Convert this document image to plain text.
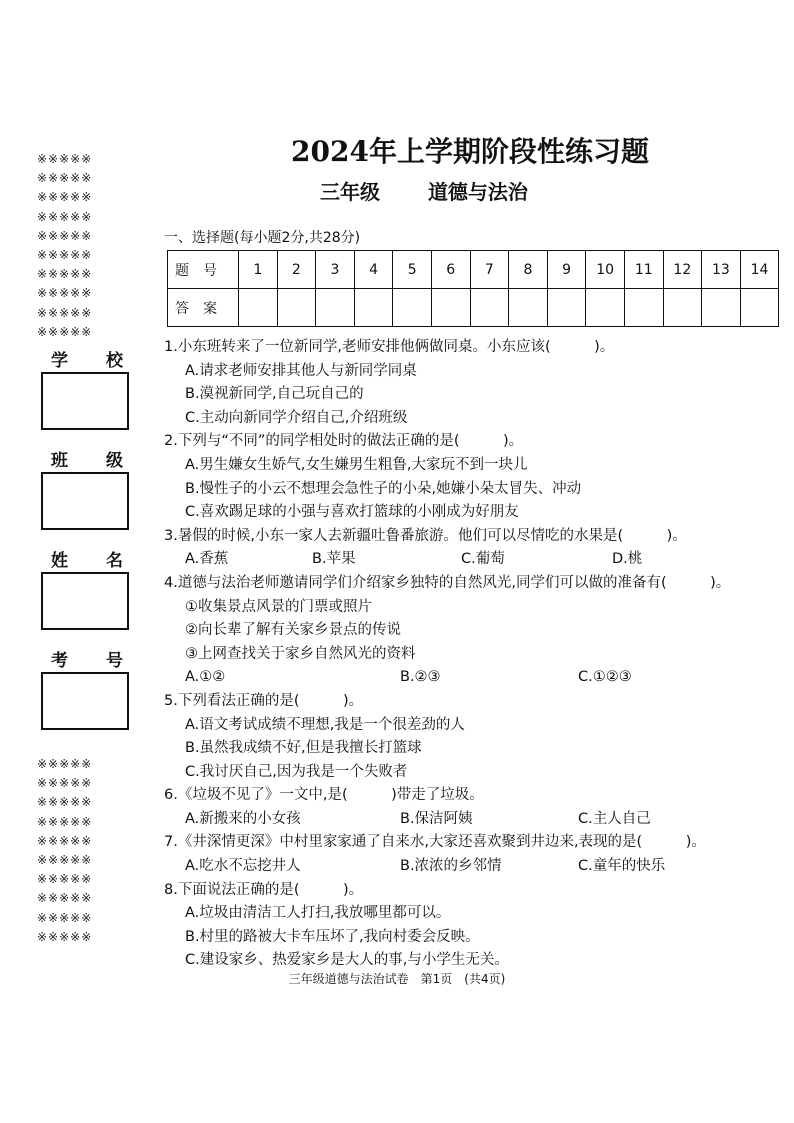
※※※※※
※※※※※
※※※※※
※※※※※
※※※※※
※※※※※
※※※※※
※※※※※
※※※※※
※※※※※
学 校
班 级
姓 名
考 号
※※※※※
※※※※※
※※※※※
※※※※※
※※※※※
※※※※※
※※※※※
※※※※※
※※※※※
※※※※※
2024年上学期阶段性练习题
三年级 道德与法治
一、选择题(每小题2分,共28分)
题号	1	2	3	4	5	6	7	8	9	10	11	12	13	14
答案														
1.小东班转来了一位新同学,老师安排他俩做同桌。小东应该(　　　)。
A.请求老师安排其他人与新同学同桌
B.漠视新同学,自己玩自己的
C.主动向新同学介绍自己,介绍班级
2.下列与“不同”的同学相处时的做法正确的是(　　　)。
A.男生嫌女生娇气,女生嫌男生粗鲁,大家玩不到一块儿
B.慢性子的小云不想理会急性子的小朵,她嫌小朵太冒失、冲动
C.喜欢踢足球的小强与喜欢打篮球的小刚成为好朋友
3.暑假的时候,小东一家人去新疆吐鲁番旅游。他们可以尽情吃的水果是(　　　)。
A.香蕉	B.苹果	C.葡萄	D.桃
4.道德与法治老师邀请同学们介绍家乡独特的自然风光,同学们可以做的准备有(　　　)。
①收集景点风景的门票或照片
②向长辈了解有关家乡景点的传说
③上网查找关于家乡自然风光的资料
A.①②	B.②③	C.①②③
5.下列看法正确的是(　　　)。
A.语文考试成绩不理想,我是一个很差劲的人
B.虽然我成绩不好,但是我擅长打篮球
C.我讨厌自己,因为我是一个失败者
6.《垃圾不见了》一文中,是(　　　)带走了垃圾。
A.新搬来的小女孩	B.保洁阿姨	C.主人自己
7.《井深情更深》中村里家家通了自来水,大家还喜欢聚到井边来,表现的是(　　　)。
A.吃水不忘挖井人	B.浓浓的乡邻情	C.童年的快乐
8.下面说法正确的是(　　　)。
A.垃圾由清洁工人打扫,我放哪里都可以。
B.村里的路被大卡车压坏了,我向村委会反映。
C.建设家乡、热爱家乡是大人的事,与小学生无关。
三年级道德与法治试卷　第1页　(共4页)
